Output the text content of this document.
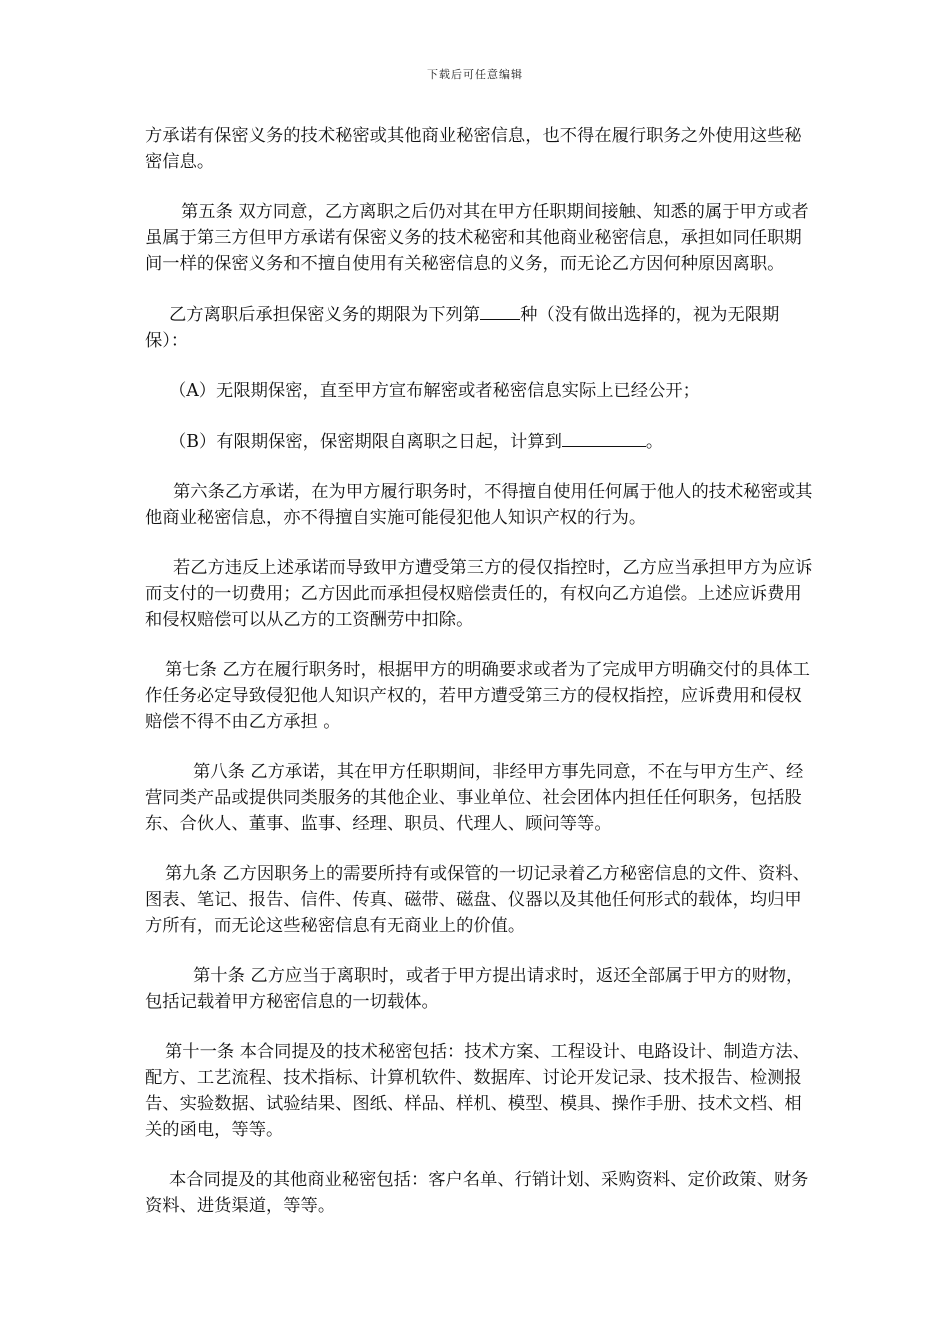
下载后可任意编辑

方承诺有保密义务的技术秘密或其他商业秘密信息，也不得在履行职务之外使用这些秘密信息。

第五条 双方同意，乙方离职之后仍对其在甲方任职期间接触、知悉的属于甲方或者虽属于第三方但甲方承诺有保密义务的技术秘密和其他商业秘密信息，承担如同任职期间一样的保密义务和不擅自使用有关秘密信息的义务，而无论乙方因何种原因离职。

乙方离职后承担保密义务的期限为下列第 种（没有做出选择的，视为无限期保）：

（A）无限期保密，直至甲方宣布解密或者秘密信息实际上已经公开；

（B）有限期保密，保密期限自离职之日起，计算到	。

第六条乙方承诺，在为甲方履行职务时，不得擅自使用任何属于他人的技术秘密或其他商业秘密信息，亦不得擅自实施可能侵犯他人知识产权的行为。

若乙方违反上述承诺而导致甲方遭受第三方的侵仅指控时，乙方应当承担甲方为应诉而支付的一切费用；乙方因此而承担侵权赔偿责任的，有权向乙方追偿。上述应诉费用和侵权赔偿可以从乙方的工资酬劳中扣除。

第七条 乙方在履行职务时，根据甲方的明确要求或者为了完成甲方明确交付的具体工作任务必定导致侵犯他人知识产权的，若甲方遭受第三方的侵权指控，应诉费用和侵权赔偿不得不由乙方承担 。

第八条 乙方承诺，其在甲方任职期间，非经甲方事先同意，不在与甲方生产、经营同类产品或提供同类服务的其他企业、事业单位、社会团体内担任任何职务，包括股东、合伙人、董事、监事、经理、职员、代理人、顾问等等。

第九条 乙方因职务上的需要所持有或保管的一切记录着乙方秘密信息的文件、资料、图表、笔记、报告、信件、传真、磁带、磁盘、仪器以及其他任何形式的载体，均归甲方所有，而无论这些秘密信息有无商业上的价值。

第十条 乙方应当于离职时，或者于甲方提出请求时，返还全部属于甲方的财物，包括记载着甲方秘密信息的一切载体。

第十一条 本合同提及的技术秘密包括：技术方案、工程设计、电路设计、制造方法、配方、工艺流程、技术指标、计算机软件、数据库、讨论开发记录、技术报告、检测报告、实验数据、试验结果、图纸、样品、样机、模型、模具、操作手册、技术文档、相关的函电，等等。

本合同提及的其他商业秘密包括：客户名单、行销计划、采购资料、定价政策、财务资料、进货渠道，等等。
